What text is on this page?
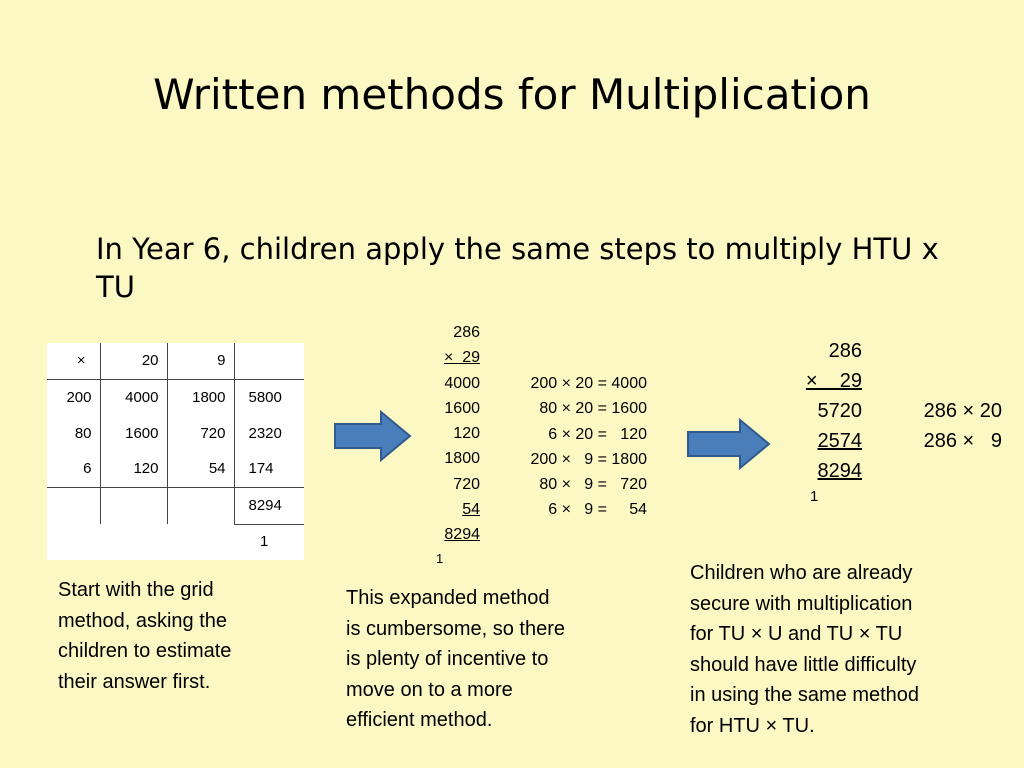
Written methods for Multiplication
In Year 6, children apply the same steps to multiply HTU x TU
×	20	9	
200	4000	1800	5800
80	1600	720	2320
6	120	54	174
			8294
			1
286
×  29
4000
1600
120
1800
720
54
8294
1
200 × 20 = 4000
80 × 20 = 1600
6 × 20 =   120
200 ×   9 = 1800
80 ×   9 =   720
6 ×   9 =     54
286
×    29
5720
2574
8294
1
286 × 20
286 ×   9
Start with the grid
method, asking the
children to estimate
their answer first.
This expanded method
is cumbersome, so there
is plenty of incentive to
move on to a more
efficient method.
Children who are already
secure with multiplication
for TU × U and TU × TU
should have little difficulty
in using the same method
for HTU × TU.
